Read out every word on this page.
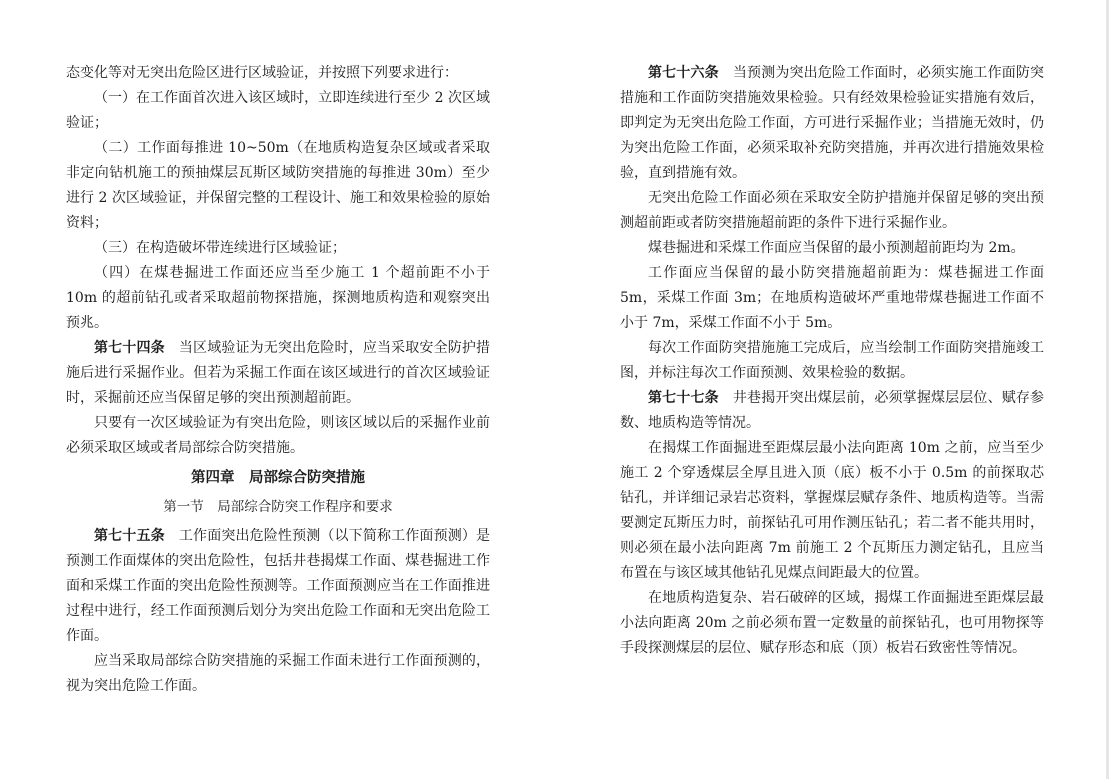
态变化等对无突出危险区进行区域验证，并按照下列要求进行：

（一）在工作面首次进入该区域时，立即连续进行至少 2 次区域验证；

（二）工作面每推进 10~50m（在地质构造复杂区域或者采取非定向钻机施工的预抽煤层瓦斯区域防突措施的每推进 30m）至少进行 2 次区域验证，并保留完整的工程设计、施工和效果检验的原始资料；

（三）在构造破坏带连续进行区域验证；

（四）在煤巷掘进工作面还应当至少施工 1 个超前距不小于 10m 的超前钻孔或者采取超前物探措施，探测地质构造和观察突出预兆。

第七十四条 当区域验证为无突出危险时，应当采取安全防护措施后进行采掘作业。但若为采掘工作面在该区域进行的首次区域验证时，采掘前还应当保留足够的突出预测超前距。

只要有一次区域验证为有突出危险，则该区域以后的采掘作业前必须采取区域或者局部综合防突措施。

第四章　局部综合防突措施

第一节　局部综合防突工作程序和要求

第七十五条 工作面突出危险性预测（以下简称工作面预测）是预测工作面煤体的突出危险性，包括井巷揭煤工作面、煤巷掘进工作面和采煤工作面的突出危险性预测等。工作面预测应当在工作面推进过程中进行，经工作面预测后划分为突出危险工作面和无突出危险工作面。

应当采取局部综合防突措施的采掘工作面未进行工作面预测的，视为突出危险工作面。

第七十六条 当预测为突出危险工作面时，必须实施工作面防突措施和工作面防突措施效果检验。只有经效果检验证实措施有效后，即判定为无突出危险工作面，方可进行采掘作业；当措施无效时，仍为突出危险工作面，必须采取补充防突措施，并再次进行措施效果检验，直到措施有效。

无突出危险工作面必须在采取安全防护措施并保留足够的突出预测超前距或者防突措施超前距的条件下进行采掘作业。

煤巷掘进和采煤工作面应当保留的最小预测超前距均为 2m。

工作面应当保留的最小防突措施超前距为：煤巷掘进工作面 5m，采煤工作面 3m；在地质构造破坏严重地带煤巷掘进工作面不小于 7m，采煤工作面不小于 5m。

每次工作面防突措施施工完成后，应当绘制工作面防突措施竣工图，并标注每次工作面预测、效果检验的数据。

第七十七条 井巷揭开突出煤层前，必须掌握煤层层位、赋存参数、地质构造等情况。

在揭煤工作面掘进至距煤层最小法向距离 10m 之前，应当至少施工 2 个穿透煤层全厚且进入顶（底）板不小于 0.5m 的前探取芯钻孔，并详细记录岩芯资料，掌握煤层赋存条件、地质构造等。当需要测定瓦斯压力时，前探钻孔可用作测压钻孔；若二者不能共用时，则必须在最小法向距离 7m 前施工 2 个瓦斯压力测定钻孔，且应当布置在与该区域其他钻孔见煤点间距最大的位置。

在地质构造复杂、岩石破碎的区域，揭煤工作面掘进至距煤层最小法向距离 20m 之前必须布置一定数量的前探钻孔，也可用物探等手段探测煤层的层位、赋存形态和底（顶）板岩石致密性等情况。
